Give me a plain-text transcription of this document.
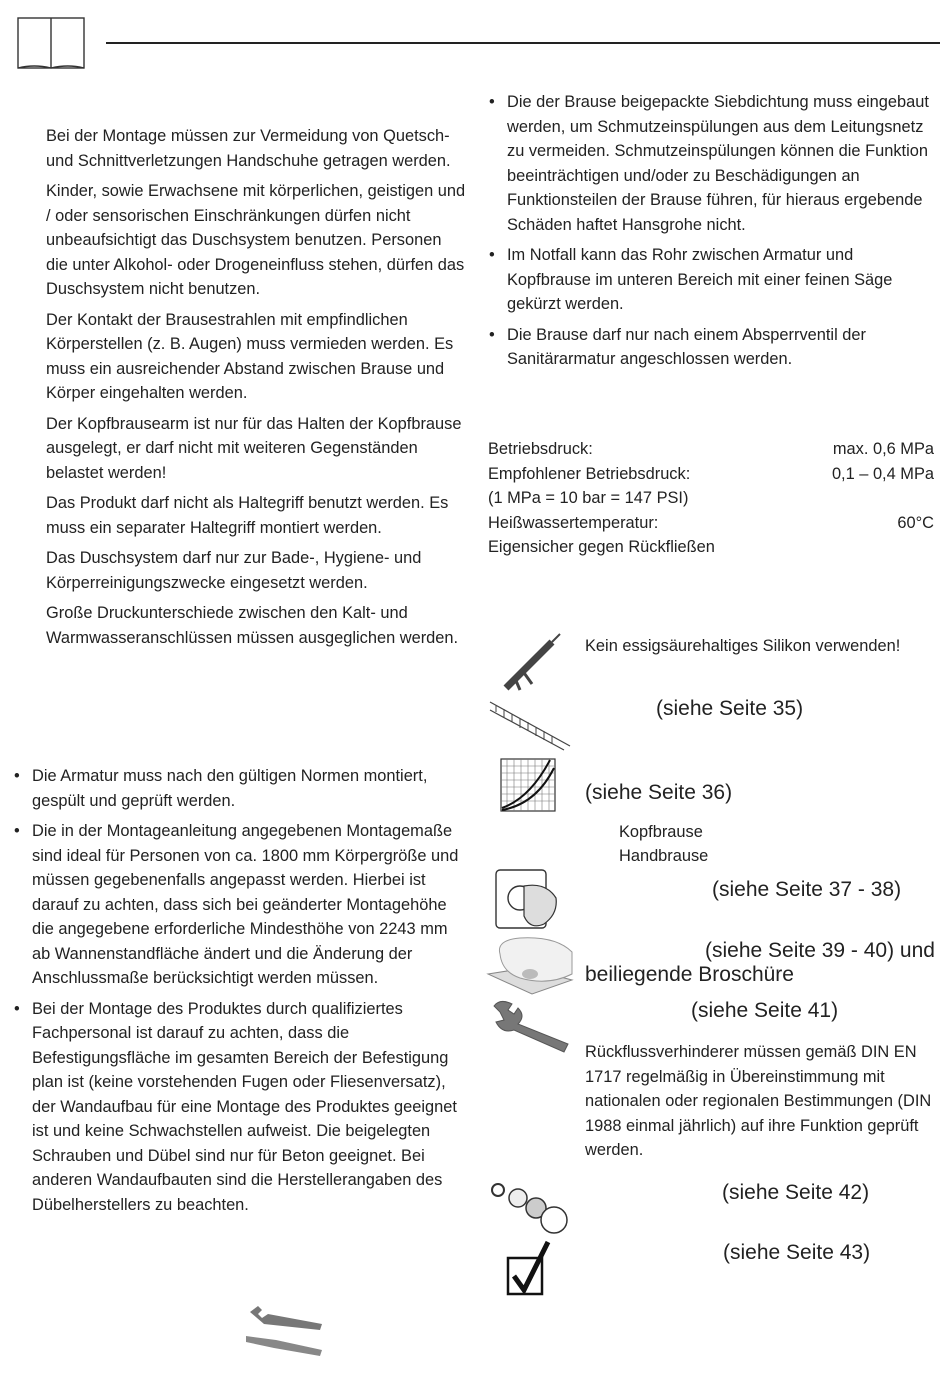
Bei der Montage müssen zur Vermeidung von Quetsch- und Schnittverletzungen Handschuhe getragen werden.

Kinder, sowie Erwachsene mit körperlichen, geistigen und / oder sensorischen Einschränkungen dürfen nicht unbeaufsichtigt das Duschsystem benutzen. Personen die unter Alkohol- oder Drogeneinfluss stehen, dürfen das Duschsystem nicht benutzen.

Der Kontakt der Brausestrahlen mit empfindlichen Körperstellen (z. B. Augen) muss vermieden werden. Es muss ein ausreichender Abstand zwischen Brause und Körper eingehalten werden.

Der Kopfbrausearm ist nur für das Halten der Kopfbrause ausgelegt, er darf nicht mit weiteren Gegenständen belastet werden!

Das Produkt darf nicht als Haltegriff benutzt werden. Es muss ein separater Haltegriff montiert werden.

Das Duschsystem darf nur zur Bade-, Hygiene- und Körperreinigungszwecke eingesetzt werden.

Große Druckunterschiede zwischen den Kalt- und Warmwasseranschlüssen müssen ausgeglichen werden.

• Die Armatur muss nach den gültigen Normen montiert, gespült und geprüft werden.
• Die in der Montageanleitung angegebenen Montagemaße sind ideal für Personen von ca. 1800 mm Körpergröße und müssen gegebenenfalls angepasst werden. Hierbei ist darauf zu achten, dass sich bei geänderter Montagehöhe die angegebene erforderliche Mindesthöhe von 2243 mm ab Wannenstandfläche ändert und die Änderung der Anschlussmaße berücksichtigt werden müssen.
• Bei der Montage des Produktes durch qualifiziertes Fachpersonal ist darauf zu achten, dass die Befestigungsfläche im gesamten Bereich der Befestigung plan ist (keine vorstehenden Fugen oder Fliesenversatz), der Wandaufbau für eine Montage des Produktes geeignet ist und keine Schwachstellen aufweist. Die beigelegten Schrauben und Dübel sind nur für Beton geeignet. Bei anderen Wandaufbauten sind die Herstellerangaben des Dübelherstellers zu beachten.
• Die der Brause beigepackte Siebdichtung muss eingebaut werden, um Schmutzeinspülungen aus dem Leitungsnetz zu vermeiden. Schmutzeinspülungen können die Funktion beeinträchtigen und/oder zu Beschädigungen an Funktionsteilen der Brause führen, für hieraus ergebende Schäden haftet Hansgrohe nicht.
• Im Notfall kann das Rohr zwischen Armatur und Kopfbrause im unteren Bereich mit einer feinen Säge gekürzt werden.
• Die Brause darf nur nach einem Absperrventil der Sanitärarmatur angeschlossen werden.
Betriebsdruck:	max. 0,6 MPa
Empfohlener Betriebsdruck:	0,1 – 0,4 MPa
(1 MPa = 10 bar = 147 PSI)
Heißwassertemperatur:	60°C
Eigensicher gegen Rückfließen
Kein essigsäurehaltiges Silikon verwenden!
(siehe Seite 35)
(siehe Seite 36)
Kopfbrause
Handbrause
(siehe Seite 37 - 38)
(siehe Seite 39 - 40) und
beiliegende Broschüre
(siehe Seite 41)
Rückflussverhinderer müssen gemäß DIN EN 1717 regelmäßig in Übereinstimmung mit nationalen oder regionalen Bestimmungen (DIN 1988 einmal jährlich) auf ihre Funktion geprüft werden.
(siehe Seite 42)
(siehe Seite 43)
